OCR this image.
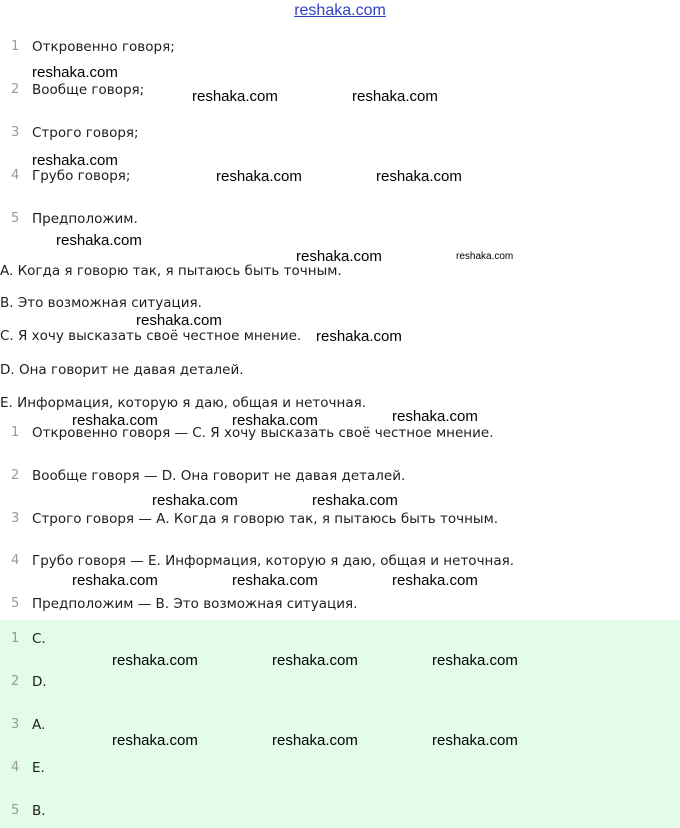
reshaka.com
1 Откровенно говоря;
2 Вообще говоря;
3 Строго говоря;
4 Грубо говоря;
5 Предположим.
A. Когда я говорю так, я пытаюсь быть точным.
B. Это возможная ситуация.
C. Я хочу высказать своё честное мнение.
D. Она говорит не давая деталей.
E. Информация, которую я даю, общая и неточная.
1 Откровенно говоря — С. Я хочу высказать своё честное мнение.
2 Вообще говоря — D. Она говорит не давая деталей.
3 Строго говоря — А. Когда я говорю так, я пытаюсь быть точным.
4 Грубо говоря — Е. Информация, которую я даю, общая и неточная.
5 Предположим — В. Это возможная ситуация.
1 C.
2 D.
3 A.
4 E.
5 B.
reshaka.com
reshaka.com	reshaka.com
reshaka.com
reshaka.com	reshaka.com
reshaka.com
reshaka.com	reshaka.com
reshaka.com
reshaka.com
reshaka.com
reshaka.com	reshaka.com
reshaka.com	reshaka.com
reshaka.com	reshaka.com	reshaka.com
reshaka.com	reshaka.com	reshaka.com
reshaka.com	reshaka.com	reshaka.com
